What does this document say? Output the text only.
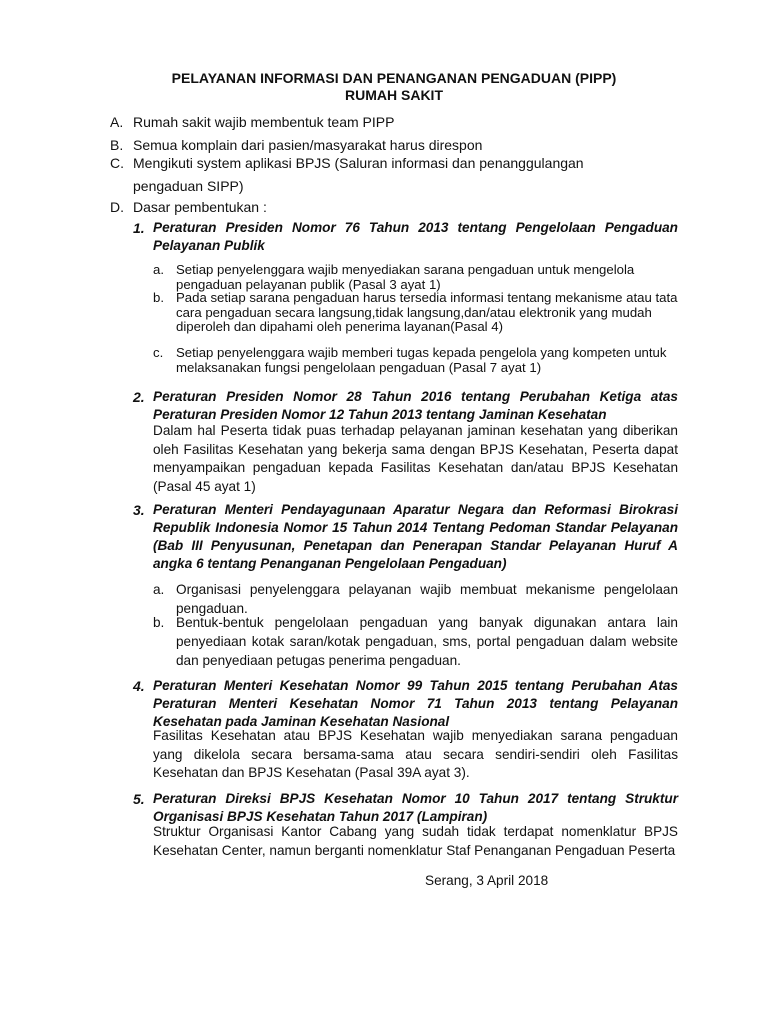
PELAYANAN INFORMASI DAN PENANGANAN PENGADUAN (PIPP)
RUMAH SAKIT
A. Rumah sakit wajib membentuk team PIPP
B. Semua komplain dari pasien/masyarakat harus direspon
C. Mengikuti system aplikasi BPJS (Saluran informasi dan penanggulangan
pengaduan SIPP)
D. Dasar pembentukan :
1. Peraturan Presiden Nomor 76 Tahun 2013 tentang Pengelolaan Pengaduan Pelayanan Publik
a. Setiap penyelenggara wajib menyediakan sarana pengaduan untuk mengelola pengaduan pelayanan publik (Pasal 3 ayat 1)
b. Pada setiap sarana pengaduan harus tersedia informasi tentang mekanisme atau tata cara pengaduan secara langsung,tidak langsung,dan/atau elektronik yang mudah diperoleh dan dipahami oleh penerima layanan(Pasal 4)
c. Setiap penyelenggara wajib memberi tugas kepada pengelola yang kompeten untuk melaksanakan fungsi pengelolaan pengaduan (Pasal 7 ayat 1)
2. Peraturan Presiden Nomor 28 Tahun 2016 tentang Perubahan Ketiga atas Peraturan Presiden Nomor 12 Tahun 2013 tentang Jaminan Kesehatan
Dalam hal Peserta tidak puas terhadap pelayanan jaminan kesehatan yang diberikan oleh Fasilitas Kesehatan yang bekerja sama dengan BPJS Kesehatan, Peserta dapat menyampaikan pengaduan kepada Fasilitas Kesehatan dan/atau BPJS Kesehatan (Pasal 45 ayat 1)
3. Peraturan Menteri Pendayagunaan Aparatur Negara dan Reformasi Birokrasi Republik Indonesia Nomor 15 Tahun 2014 Tentang Pedoman Standar Pelayanan (Bab III Penyusunan, Penetapan dan Penerapan Standar Pelayanan Huruf A angka 6 tentang Penanganan Pengelolaan Pengaduan)
a. Organisasi penyelenggara pelayanan wajib membuat mekanisme pengelolaan pengaduan.
b. Bentuk-bentuk pengelolaan pengaduan yang banyak digunakan antara lain penyediaan kotak saran/kotak pengaduan, sms, portal pengaduan dalam website dan penyediaan petugas penerima pengaduan.
4. Peraturan Menteri Kesehatan Nomor 99 Tahun 2015 tentang Perubahan Atas Peraturan Menteri Kesehatan Nomor 71 Tahun 2013 tentang Pelayanan Kesehatan pada Jaminan Kesehatan Nasional
Fasilitas Kesehatan atau BPJS Kesehatan wajib menyediakan sarana pengaduan yang dikelola secara bersama-sama atau secara sendiri-sendiri oleh Fasilitas Kesehatan dan BPJS Kesehatan (Pasal 39A ayat 3).
5. Peraturan Direksi BPJS Kesehatan Nomor 10 Tahun 2017 tentang Struktur Organisasi BPJS Kesehatan Tahun 2017 (Lampiran)
Struktur Organisasi Kantor Cabang yang sudah tidak terdapat nomenklatur BPJS Kesehatan Center, namun berganti nomenklatur Staf Penanganan Pengaduan Peserta
Serang, 3 April 2018
